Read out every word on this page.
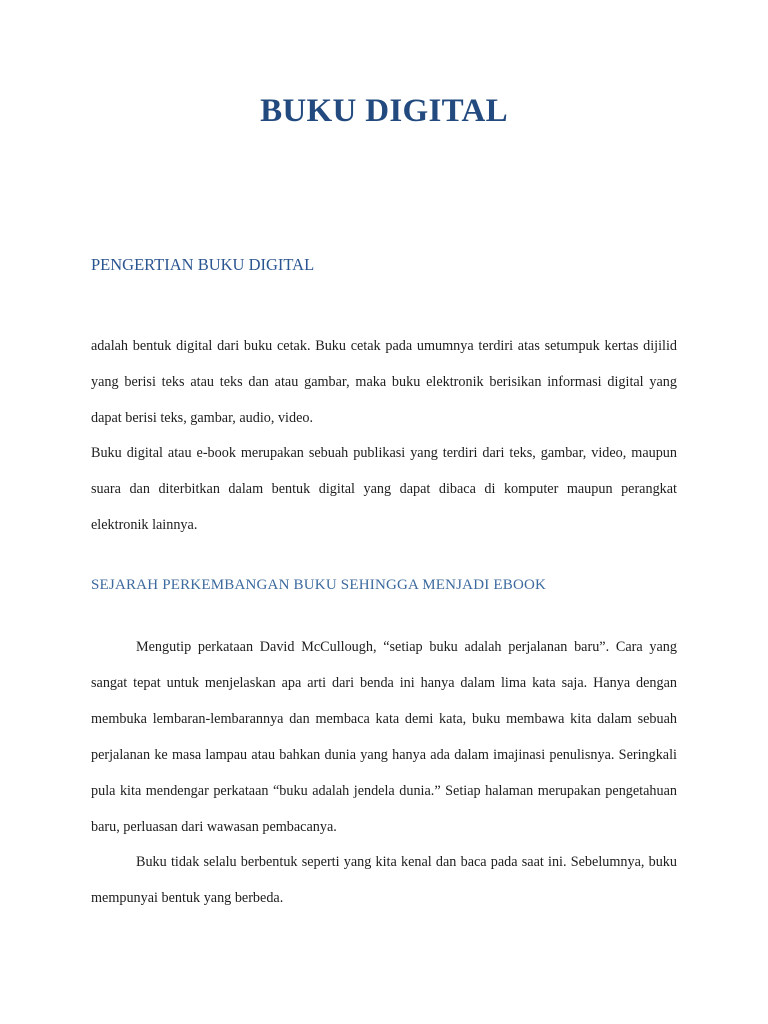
BUKU DIGITAL
PENGERTIAN BUKU DIGITAL

adalah bentuk digital dari buku cetak. Buku cetak pada umumnya terdiri atas setumpuk kertas dijilid yang berisi teks atau teks dan atau gambar, maka buku elektronik berisikan informasi digital yang dapat berisi teks, gambar, audio, video.

Buku digital atau e-book merupakan sebuah publikasi yang terdiri dari teks, gambar, video, maupun suara dan diterbitkan dalam bentuk digital yang dapat dibaca di komputer maupun perangkat elektronik lainnya.

SEJARAH PERKEMBANGAN BUKU SEHINGGA MENJADI EBOOK

Mengutip perkataan David McCullough, “setiap buku adalah perjalanan baru”. Cara yang sangat tepat untuk menjelaskan apa arti dari benda ini hanya dalam lima kata saja. Hanya dengan membuka lembaran-lembarannya dan membaca kata demi kata, buku membawa kita dalam sebuah perjalanan ke masa lampau atau bahkan dunia yang hanya ada dalam imajinasi penulisnya. Seringkali pula kita mendengar perkataan “buku adalah jendela dunia.” Setiap halaman merupakan pengetahuan baru, perluasan dari wawasan pembacanya.

Buku tidak selalu berbentuk seperti yang kita kenal dan baca pada saat ini. Sebelumnya, buku mempunyai bentuk yang berbeda.
